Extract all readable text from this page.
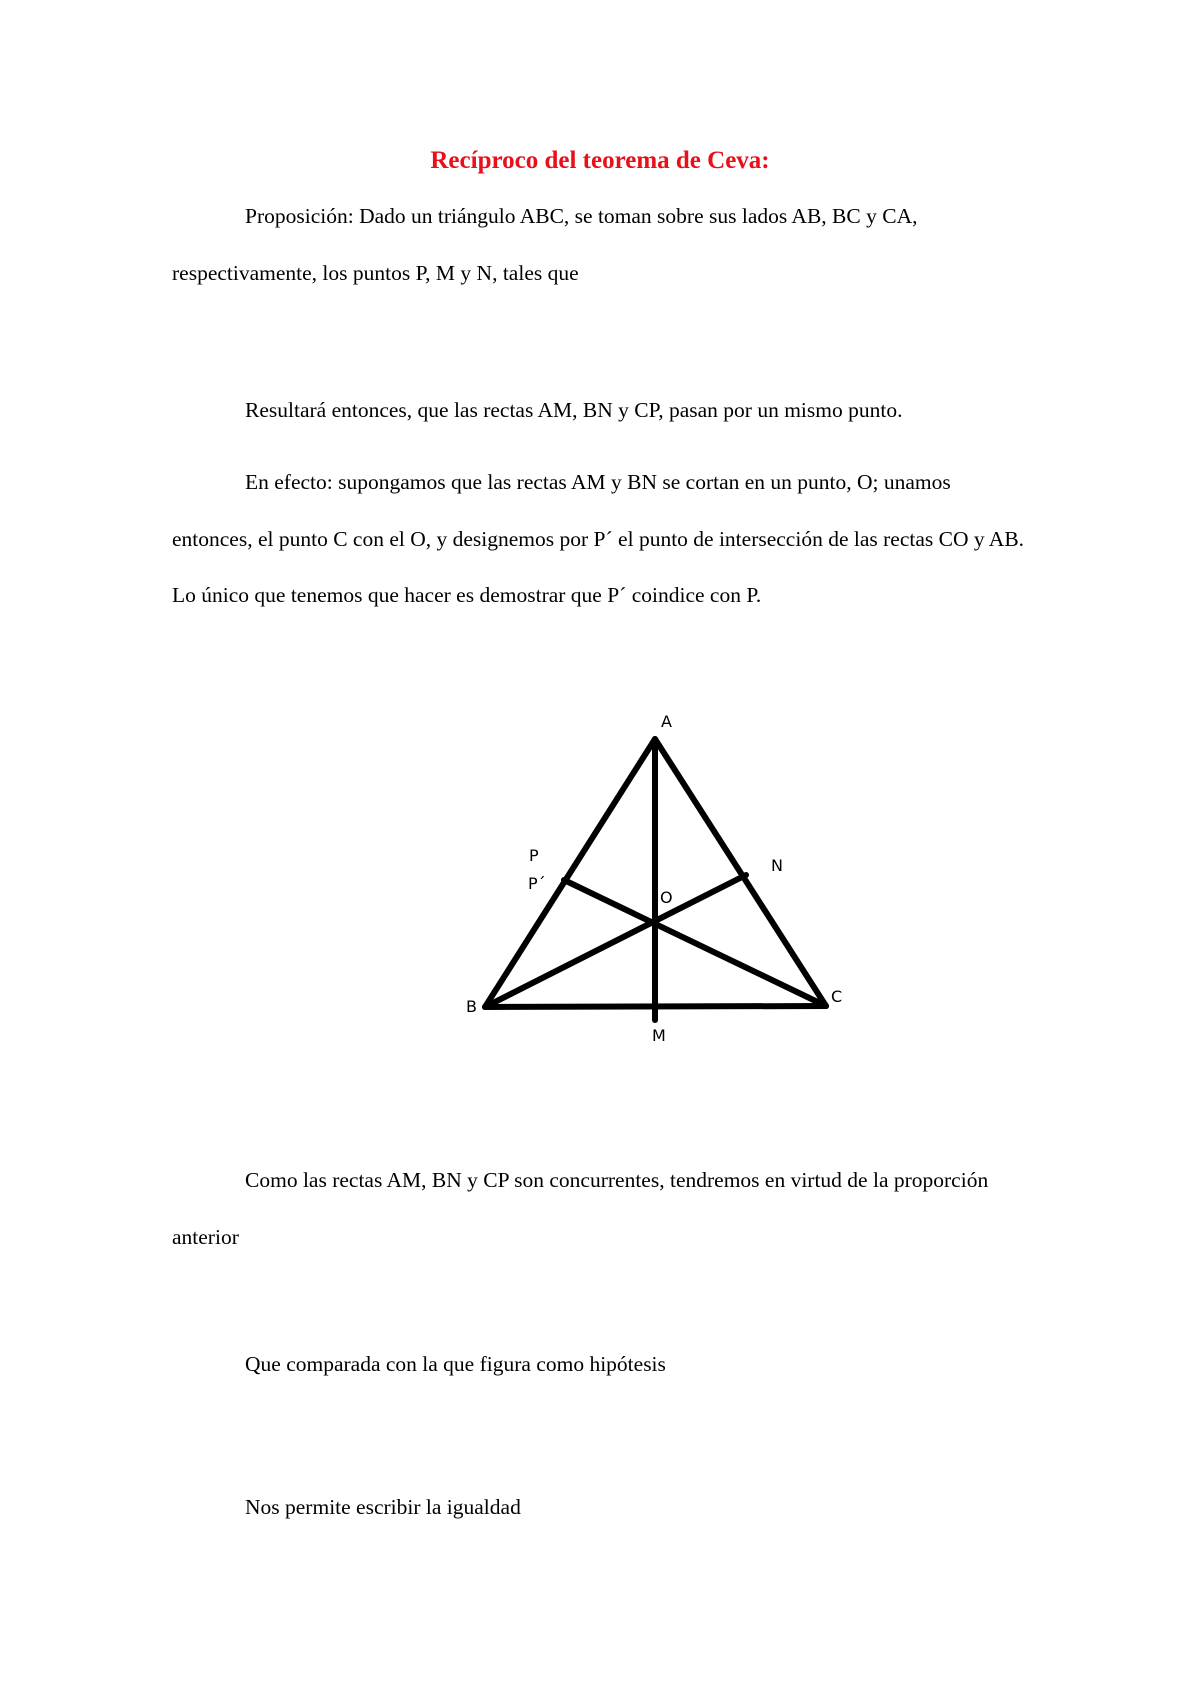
Recíproco del teorema de Ceva:

Proposición: Dado un triángulo ABC, se toman sobre sus lados AB, BC y CA, respectivamente, los puntos P, M y N, tales que

Resultará entonces, que las rectas AM, BN y CP, pasan por un mismo punto.

En efecto: supongamos que las rectas AM y BN se cortan en un punto, O; unamos entonces, el punto C con el O, y designemos por P´ el punto de intersección de las rectas CO y AB. Lo único que tenemos que hacer es demostrar que P´ coindice con P.

A
B
C
M
N
O
P
P´

Como las rectas AM, BN y CP son concurrentes, tendremos en virtud de la proporción anterior

Que comparada con la que figura como hipótesis

Nos permite escribir la igualdad
